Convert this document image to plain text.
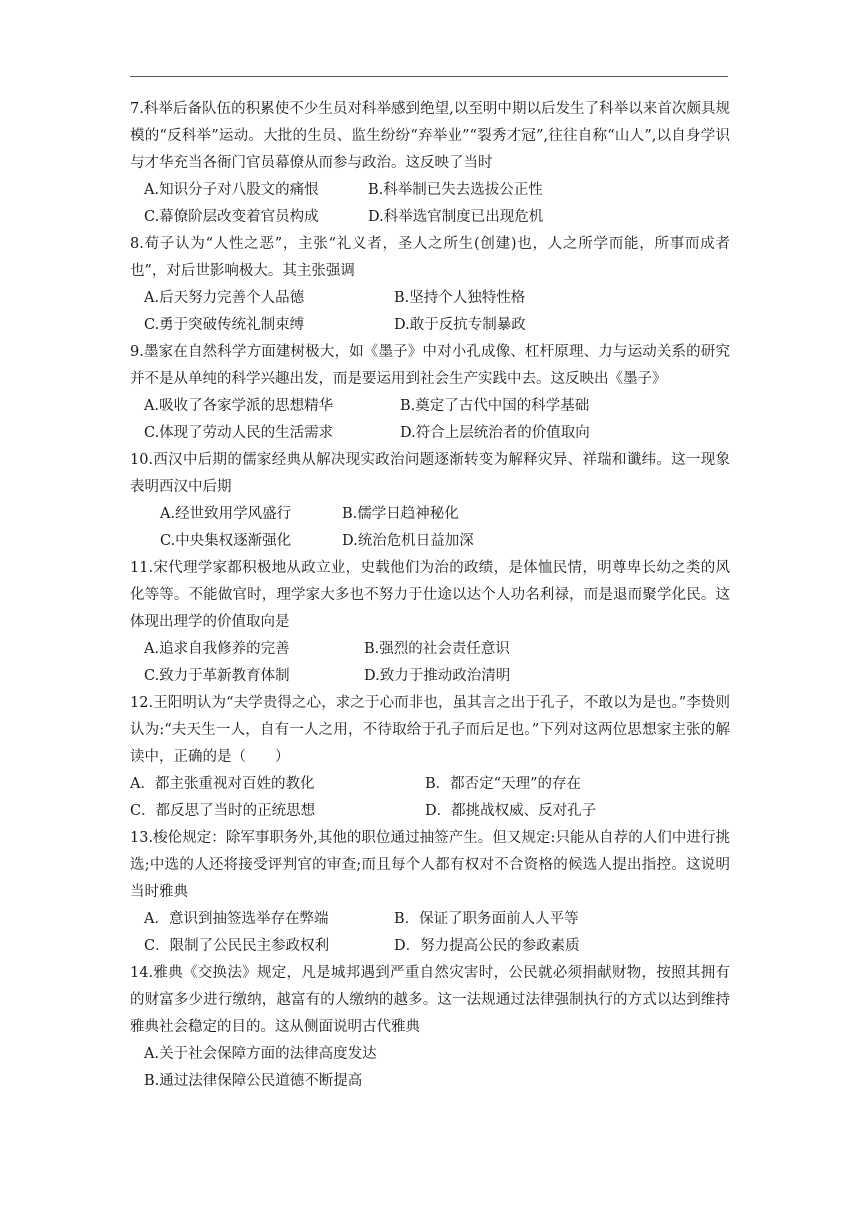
7.科举后备队伍的积累使不少生员对科举感到绝望,以至明中期以后发生了科举以来首次颇具规模的“反科举”运动。大批的生员、监生纷纷“弃举业”“裂秀才冠”,往往自称“山人”,以自身学识与才华充当各衙门官员幕僚从而参与政治。这反映了当时

A.知识分子对八股文的痛恨	B.科举制已失去选拔公正性
C.幕僚阶层改变着官员构成	D.科举选官制度已出现危机

8.荀子认为“人性之恶”，主张“礼义者，圣人之所生(创建)也，人之所学而能，所事而成者也”，对后世影响极大。其主张强调

A.后天努力完善个人品德	B.坚持个人独特性格
C.勇于突破传统礼制束缚	D.敢于反抗专制暴政

9.墨家在自然科学方面建树极大，如《墨子》中对小孔成像、杠杆原理、力与运动关系的研究并不是从单纯的科学兴趣出发，而是要运用到社会生产实践中去。这反映出《墨子》

A.吸收了各家学派的思想精华	B.奠定了古代中国的科学基础
C.体现了劳动人民的生活需求	D.符合上层统治者的价值取向

10.西汉中后期的儒家经典从解决现实政治问题逐渐转变为解释灾异、祥瑞和谶纬。这一现象表明西汉中后期

A.经世致用学风盛行	B.儒学日趋神秘化
C.中央集权逐渐强化	D.统治危机日益加深

11.宋代理学家都积极地从政立业，史载他们为治的政绩，是体恤民情，明尊卑长幼之类的风化等等。不能做官时，理学家大多也不努力于仕途以达个人功名利禄，而是退而聚学化民。这体现出理学的价值取向是

A.追求自我修养的完善	B.强烈的社会责任意识
C.致力于革新教育体制	D.致力于推动政治清明

12.王阳明认为“夫学贵得之心，求之于心而非也，虽其言之出于孔子，不敢以为是也。”李贽则认为:“夫天生一人，自有一人之用，不待取给于孔子而后足也。”下列对这两位思想家主张的解读中，正确的是（　　）

A．都主张重视对百姓的教化	B．都否定“天理”的存在
C．都反思了当时的正统思想	D．都挑战权威、反对孔子

13.梭伦规定：除军事职务外,其他的职位通过抽签产生。但又规定:只能从自荐的人们中进行挑选;中选的人还将接受评判官的审查;而且每个人都有权对不合资格的候选人提出指控。这说明当时雅典

A．意识到抽签选举存在弊端	B．保证了职务面前人人平等
C．限制了公民民主参政权利	D．努力提高公民的参政素质

14.雅典《交换法》规定，凡是城邦遇到严重自然灾害时，公民就必须捐献财物，按照其拥有的财富多少进行缴纳，越富有的人缴纳的越多。这一法规通过法律强制执行的方式以达到维持雅典社会稳定的目的。这从侧面说明古代雅典

A.关于社会保障方面的法律高度发达
B.通过法律保障公民道德不断提高
